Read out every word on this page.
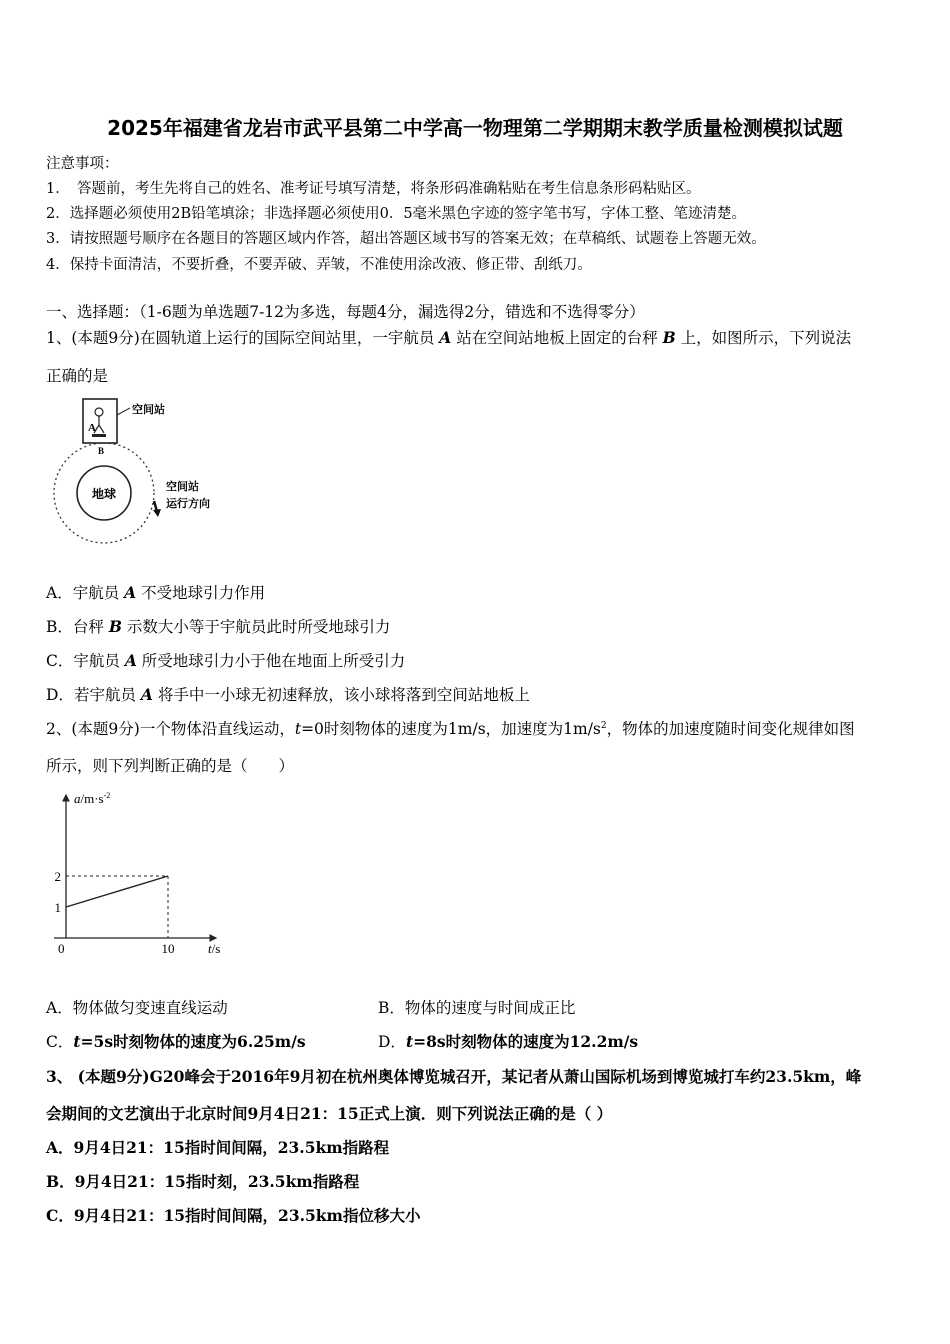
2025年福建省龙岩市武平县第二中学高一物理第二学期期末教学质量检测模拟试题
注意事项：
1．　答题前，考生先将自己的姓名、准考证号填写清楚，将条形码准确粘贴在考生信息条形码粘贴区。
2．选择题必须使用2B铅笔填涂；非选择题必须使用0．5毫米黑色字迹的签字笔书写，字体工整、笔迹清楚。
3．请按照题号顺序在各题目的答题区域内作答，超出答题区域书写的答案无效；在草稿纸、试题卷上答题无效。
4．保持卡面清洁，不要折叠，不要弄破、弄皱，不准使用涂改液、修正带、刮纸刀。
一、选择题：（1-6题为单选题7-12为多选，每题4分，漏选得2分，错选和不选得零分）
1、(本题9分)在圆轨道上运行的国际空间站里，一宇航员 A 站在空间站地板上固定的台秤 B 上，如图所示，下列说法
正确的是
地球
A
B
空间站
空间站
运行方向
A．宇航员 A 不受地球引力作用
B．台秤 B 示数大小等于宇航员此时所受地球引力
C．宇航员 A 所受地球引力小于他在地面上所受引力
D．若宇航员 A 将手中一小球无初速释放，该小球将落到空间站地板上
2、(本题9分)一个物体沿直线运动，t=0时刻物体的速度为1m/s，加速度为$1m/s^2$，物体的加速度随时间变化规律如图
所示，则下列判断正确的是（　　）
$a/m\cdot s^{-2}$
t/s
1
2
0	10
A．物体做匀变速直线运动	B．物体的速度与时间成正比
C．t=5s时刻物体的速度为6.25m/s	D．t=8s时刻物体的速度为12.2m/s
3、 (本题9分)G20峰会于2016年9月初在杭州奥体博览城召开，某记者从萧山国际机场到博览城打车约23.5km，峰
会期间的文艺演出于北京时间9月4日21：15正式上演．则下列说法正确的是（ ）
A．9月4日21：15指时间间隔，23.5km指路程
B．9月4日21：15指时刻，23.5km指路程
C．9月4日21：15指时间间隔，23.5km指位移大小
